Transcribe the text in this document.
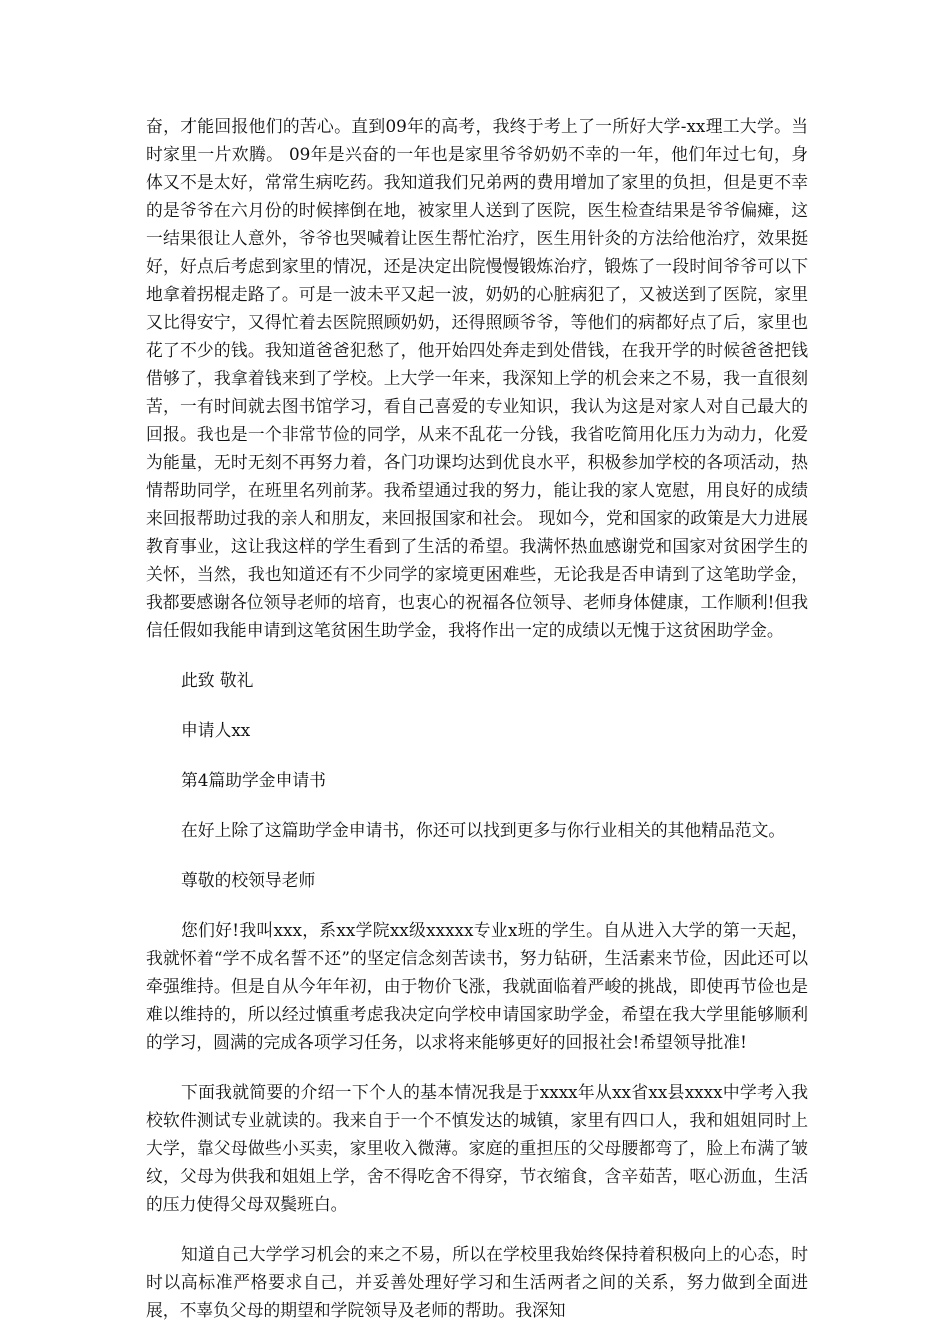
奋，才能回报他们的苦心。直到09年的高考，我终于考上了一所好大学-xx理工大学。当时家里一片欢腾。 09年是兴奋的一年也是家里爷爷奶奶不幸的一年，他们年过七旬，身体又不是太好，常常生病吃药。我知道我们兄弟两的费用增加了家里的负担，但是更不幸的是爷爷在六月份的时候摔倒在地，被家里人送到了医院，医生检查结果是爷爷偏瘫，这一结果很让人意外，爷爷也哭喊着让医生帮忙治疗，医生用针灸的方法给他治疗，效果挺好，好点后考虑到家里的情况，还是决定出院慢慢锻炼治疗，锻炼了一段时间爷爷可以下地拿着拐棍走路了。可是一波未平又起一波，奶奶的心脏病犯了，又被送到了医院，家里又比得安宁，又得忙着去医院照顾奶奶，还得照顾爷爷，等他们的病都好点了后，家里也花了不少的钱。我知道爸爸犯愁了，他开始四处奔走到处借钱，在我开学的时候爸爸把钱借够了，我拿着钱来到了学校。上大学一年来，我深知上学的机会来之不易，我一直很刻苦，一有时间就去图书馆学习，看自己喜爱的专业知识，我认为这是对家人对自己最大的回报。我也是一个非常节俭的同学，从来不乱花一分钱，我省吃简用化压力为动力，化爱为能量，无时无刻不再努力着，各门功课均达到优良水平，积极参加学校的各项活动，热情帮助同学，在班里名列前茅。我希望通过我的努力，能让我的家人宽慰，用良好的成绩来回报帮助过我的亲人和朋友，来回报国家和社会。 现如今，党和国家的政策是大力进展教育事业，这让我这样的学生看到了生活的希望。我满怀热血感谢党和国家对贫困学生的关怀，当然，我也知道还有不少同学的家境更困难些，无论我是否申请到了这笔助学金，我都要感谢各位领导老师的培育，也衷心的祝福各位领导、老师身体健康，工作顺利!但我信任假如我能申请到这笔贫困生助学金，我将作出一定的成绩以无愧于这贫困助学金。

此致 敬礼

申请人xx

第4篇助学金申请书

在好上除了这篇助学金申请书，你还可以找到更多与你行业相关的其他精品范文。

尊敬的校领导老师

您们好!我叫xxx，系xx学院xx级xxxxx专业x班的学生。自从进入大学的第一天起，我就怀着“学不成名誓不还”的坚定信念刻苦读书，努力钻研，生活素来节俭，因此还可以牵强维持。但是自从今年年初，由于物价飞涨，我就面临着严峻的挑战，即使再节俭也是难以维持的，所以经过慎重考虑我决定向学校申请国家助学金，希望在我大学里能够顺利的学习，圆满的完成各项学习任务，以求将来能够更好的回报社会!希望领导批准!

下面我就简要的介绍一下个人的基本情况我是于xxxx年从xx省xx县xxxx中学考入我校软件测试专业就读的。我来自于一个不慎发达的城镇，家里有四口人，我和姐姐同时上大学，靠父母做些小买卖，家里收入微薄。家庭的重担压的父母腰都弯了，脸上布满了皱纹，父母为供我和姐姐上学，舍不得吃舍不得穿，节衣缩食，含辛茹苦，呕心沥血，生活的压力使得父母双鬓班白。

知道自己大学学习机会的来之不易，所以在学校里我始终保持着积极向上的心态，时时以高标准严格要求自己，并妥善处理好学习和生活两者之间的关系，努力做到全面进展，不辜负父母的期望和学院领导及老师的帮助。我深知
